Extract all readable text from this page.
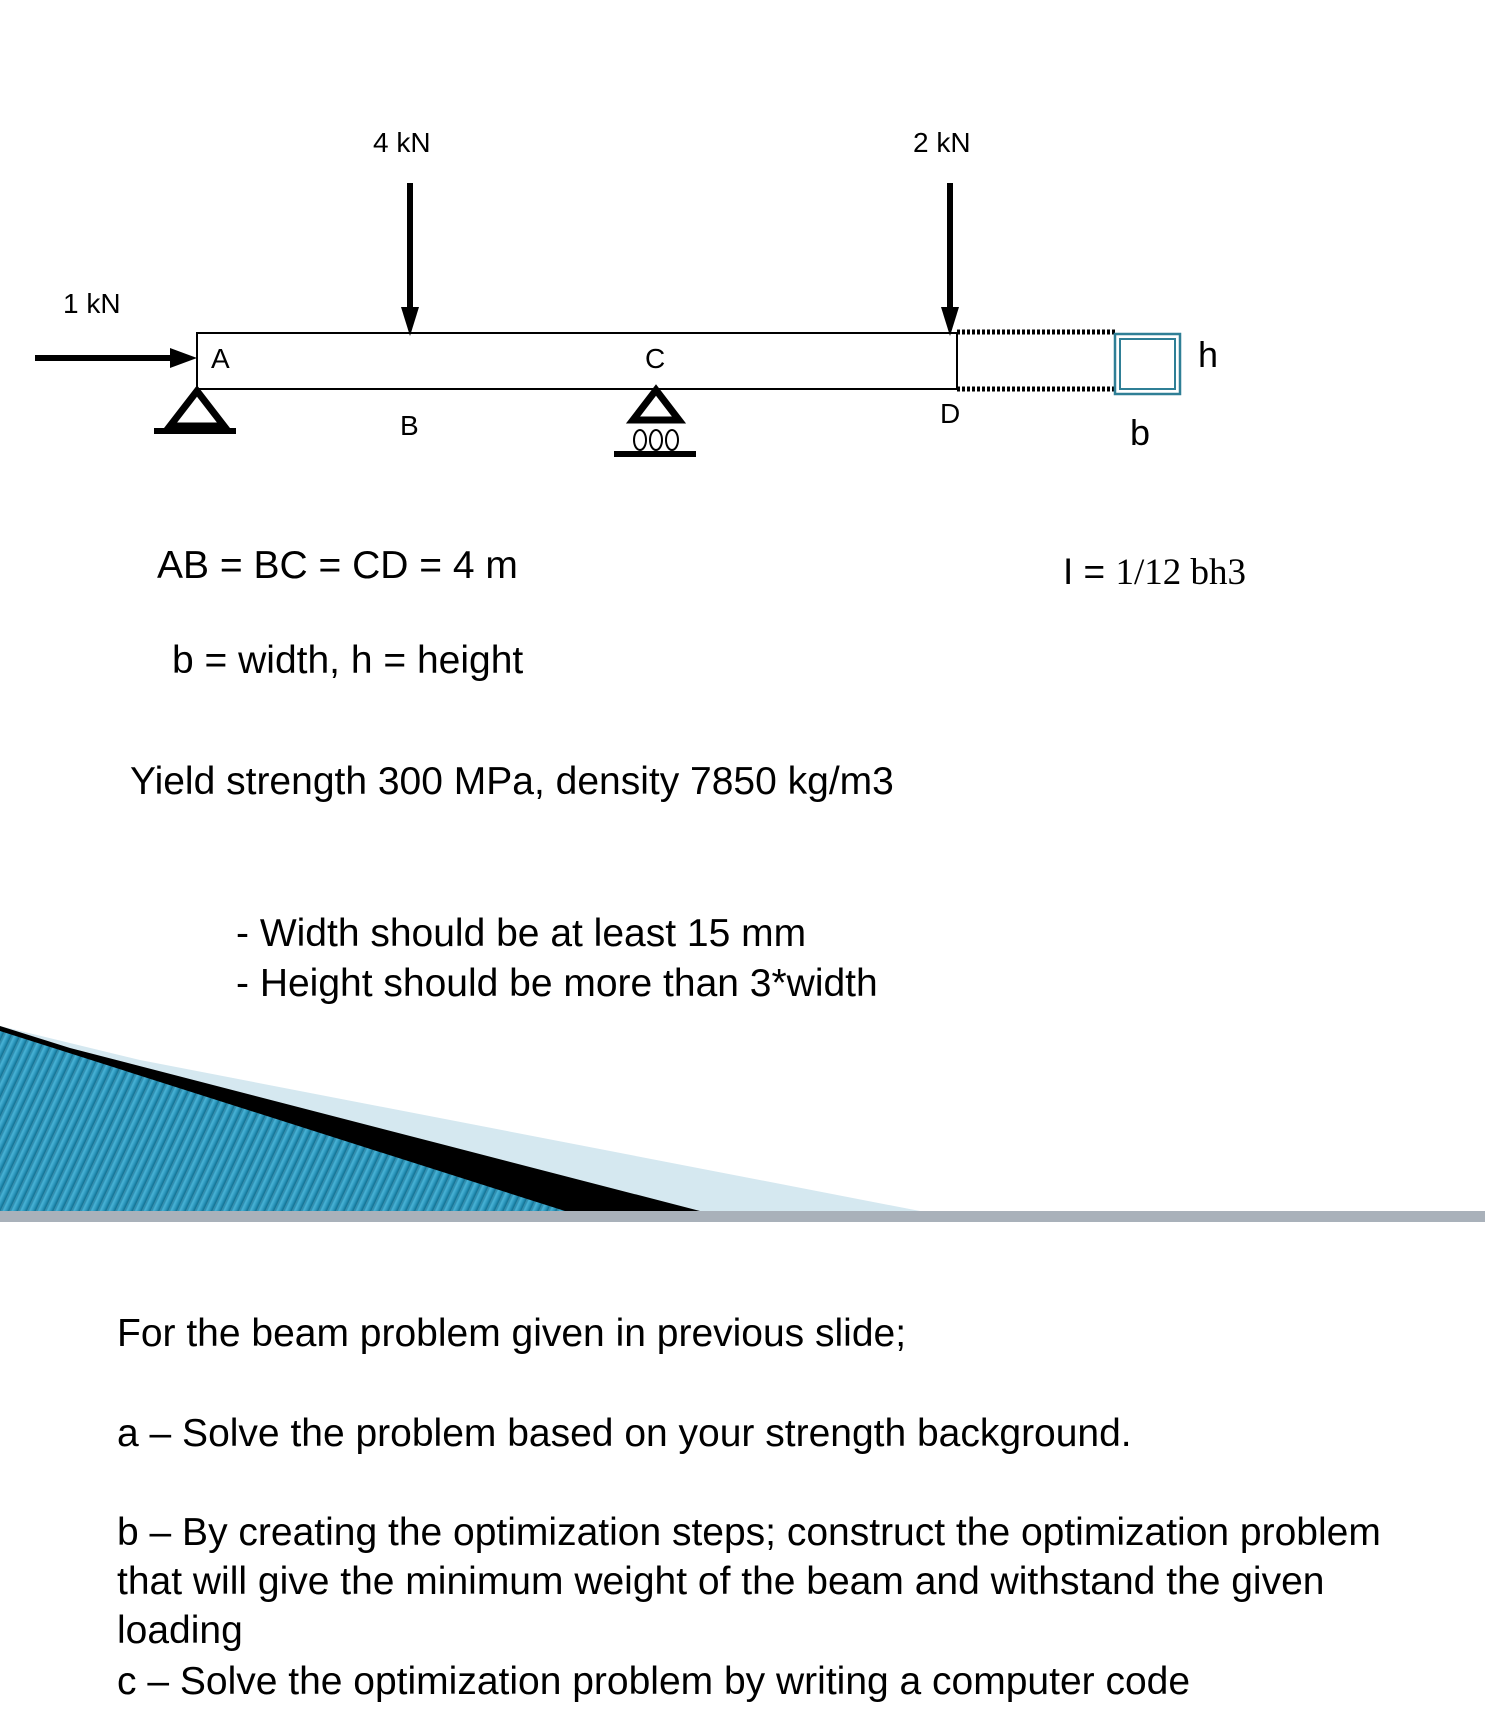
1 kN
4 kN	2 kN
A
B
C
D
h
b
AB = BC = CD = 4 m	I = 1/12 bh3
b = width, h = height
Yield strength 300 MPa, density 7850 kg/m3
- Width should be at least 15 mm
- Height should be more than 3*width
For the beam problem given in previous slide;
a – Solve the problem based on your strength background.
b – By creating the optimization steps; construct the optimization problem that will give the minimum weight of the beam and withstand the given loading
c – Solve the optimization problem by writing a computer code
